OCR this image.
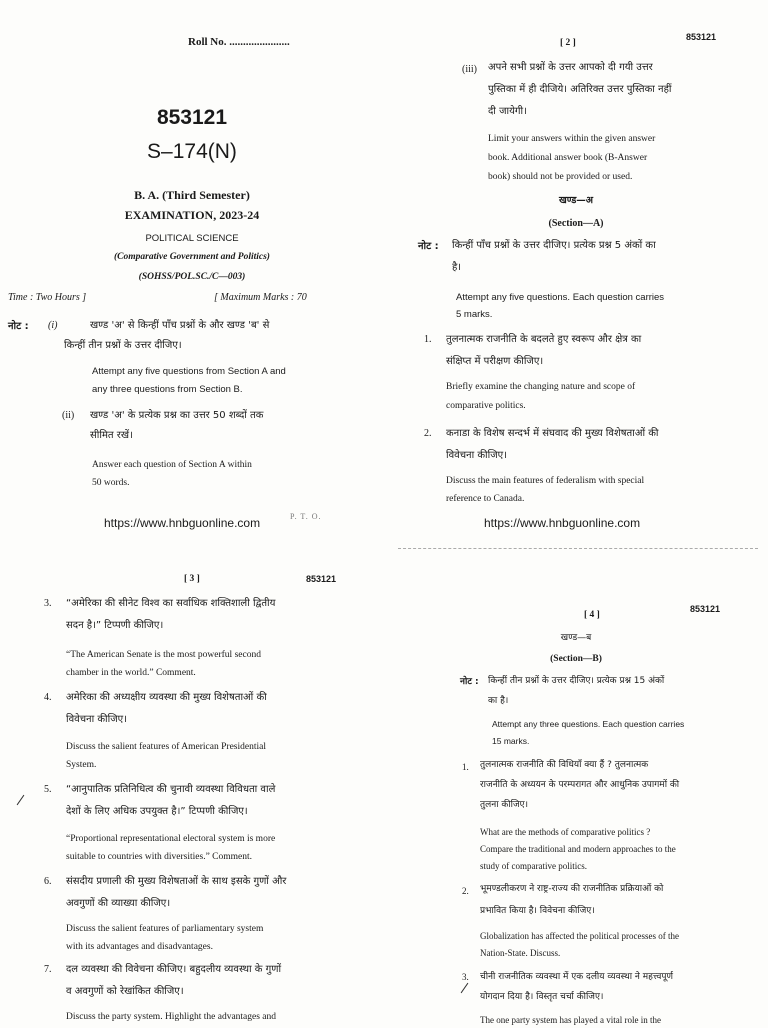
Roll No. ......................
853121
S–174(N)
B. A. (Third Semester)
EXAMINATION, 2023-24
POLITICAL SCIENCE
(Comparative Government and Politics)
(SOHSS/POL.SC./C—003)
Time : Two Hours ]	[ Maximum Marks : 70
नोट : (i)	खण्ड 'अ' से किन्हीं पाँच प्रश्नों के और खण्ड 'ब' से
किन्हीं तीन प्रश्नों के उत्तर दीजिए।
Attempt any five questions from Section A and
any three questions from Section B.
(ii) खण्ड 'अ' के प्रत्येक प्रश्न का उत्तर 50 शब्दों तक
सीमित रखें।
Answer each question of Section A within
50 words.
https://www.hnbguonline.com	P. T. O.
[ 2 ]
853121
(iii) अपने सभी प्रश्नों के उत्तर आपको दी गयी उत्तर
पुस्तिका में ही दीजिये। अतिरिक्त उत्तर पुस्तिका नहीं
दी जायेगी।
Limit your answers within the given answer
book. Additional answer book (B-Answer
book) should not be provided or used.
खण्ड—अ
(Section—A)
नोट : किन्हीं पाँच प्रश्नों के उत्तर दीजिए। प्रत्येक प्रश्न 5 अंकों का
है।
Attempt any five questions. Each question carries
5 marks.
1. तुलनात्मक राजनीति के बदलते हुए स्वरूप और क्षेत्र का
संक्षिप्त में परीक्षण कीजिए।
Briefly examine the changing nature and scope of
comparative politics.
2. कनाडा के विशेष सन्दर्भ में संघवाद की मुख्य विशेषताओं की
विवेचना कीजिए।
Discuss the main features of federalism with special
reference to Canada.
https://www.hnbguonline.com
[ 3 ]	853121
3. “अमेरिका की सीनेट विश्व का सर्वाधिक शक्तिशाली द्वितीय
सदन है।” टिप्पणी कीजिए।
“The American Senate is the most powerful second
chamber in the world.” Comment.
4. अमेरिका की अध्यक्षीय व्यवस्था की मुख्य विशेषताओं की
विवेचना कीजिए।
Discuss the salient features of American Presidential
System.
5. “आनुपातिक प्रतिनिधित्व की चुनावी व्यवस्था विविधता वाले
देशों के लिए अधिक उपयुक्त है।” टिप्पणी कीजिए।
“Proportional representational electoral system is more
suitable to countries with diversities.” Comment.
6. संसदीय प्रणाली की मुख्य विशेषताओं के साथ इसके गुणों और
अवगुणों की व्याख्या कीजिए।
Discuss the salient features of parliamentary system
with its advantages and disadvantages.
7. दल व्यवस्था की विवेचना कीजिए। बहुदलीय व्यवस्था के गुणों
व अवगुणों को रेखांकित कीजिए।
Discuss the party system. Highlight the advantages and
[ 4 ]
853121
खण्ड—ब
(Section—B)
नोट : किन्हीं तीन प्रश्नों के उत्तर दीजिए। प्रत्येक प्रश्न 15 अंकों
का है।
Attempt any three questions. Each question carries
15 marks.
1. तुलनात्मक राजनीति की विधियाँ क्या हैं ? तुलनात्मक
राजनीति के अध्ययन के परम्परागत और आधुनिक उपागमों की
तुलना कीजिए।
What are the methods of comparative politics ?
Compare the traditional and modern approaches to the
study of comparative politics.
2. भूमण्डलीकरण ने राष्ट्र-राज्य की राजनीतिक प्रक्रियाओं को
प्रभावित किया है। विवेचना कीजिए।
Globalization has affected the political processes of the
Nation-State. Discuss.
3. चीनी राजनीतिक व्यवस्था में एक दलीय व्यवस्था ने महत्त्वपूर्ण
योगदान दिया है। विस्तृत चर्चा कीजिए।
The one party system has played a vital role in the
